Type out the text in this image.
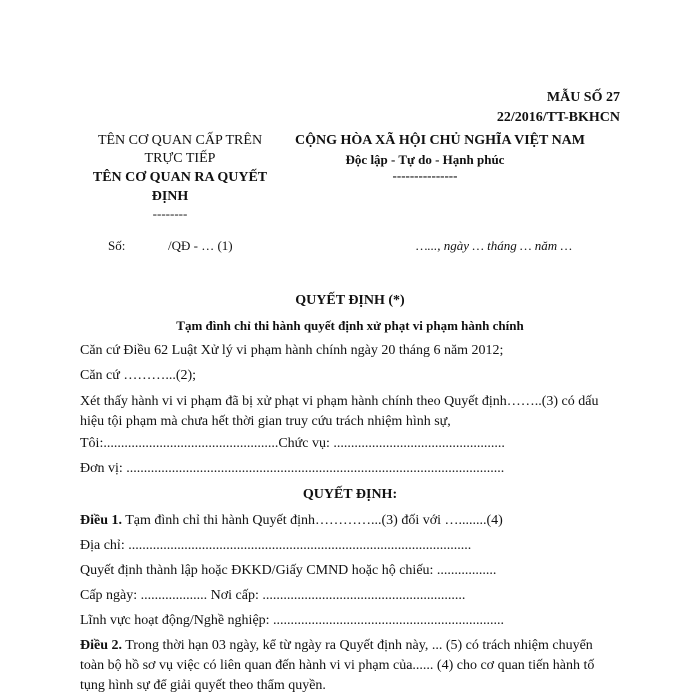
MẪU SỐ 27
22/2016/TT-BKHCN
TÊN CƠ QUAN CẤP TRÊN
TRỰC TIẾP
TÊN CƠ QUAN RA QUYẾT
ĐỊNH
--------
CỘNG HÒA XÃ HỘI CHỦ NGHĨA VIỆT NAM
Độc lập - Tự do - Hạnh phúc
---------------
Số:	/QĐ - … (1)	…..., ngày … tháng … năm …
QUYẾT ĐỊNH (*)
Tạm đình chỉ thi hành quyết định xử phạt vi phạm hành chính
Căn cứ Điều 62 Luật Xử lý vi phạm hành chính ngày 20 tháng 6 năm 2012;
Căn cứ ………...(2);
Xét thấy hành vi vi phạm đã bị xử phạt vi phạm hành chính theo Quyết định……..(3) có dấu hiệu tội phạm mà chưa hết thời gian truy cứu trách nhiệm hình sự,
Tôi:..................................................Chức vụ: .................................................
Đơn vị: ............................................................................................................
QUYẾT ĐỊNH:
Điều 1. Tạm đình chỉ thi hành Quyết định…………...(3) đối với …........(4)
Địa chỉ: ..................................................................................................
Quyết định thành lập hoặc ĐKKD/Giấy CMND hoặc hộ chiếu: .................
Cấp ngày: ................... Nơi cấp: ..........................................................
Lĩnh vực hoạt động/Nghề nghiệp: ..................................................................
Điều 2. Trong thời hạn 03 ngày, kể từ ngày ra Quyết định này, ... (5) có trách nhiệm chuyển toàn bộ hồ sơ vụ việc có liên quan đến hành vi vi phạm của...... (4) cho cơ quan tiến hành tố tụng hình sự để giải quyết theo thẩm quyền.
